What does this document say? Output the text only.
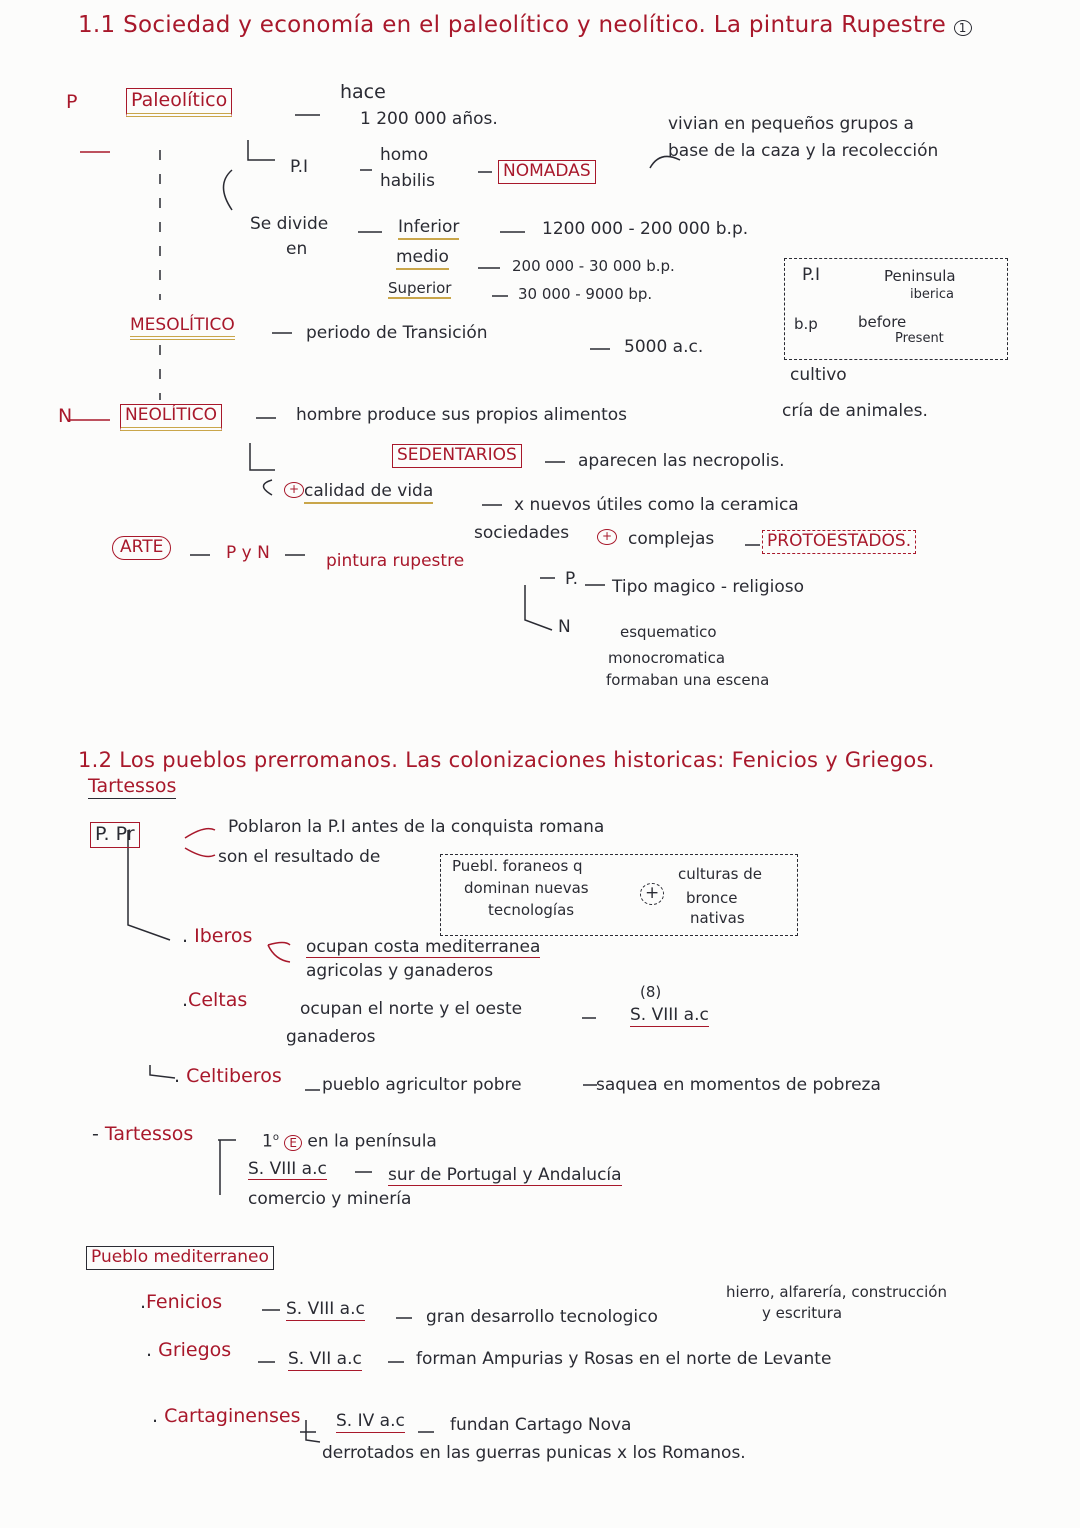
1.1 Sociedad y economía en el paleolítico y neolítico. La pintura Rupestre 1
P	Paleolítico	hace
1 200 000 años.	vivian en pequeños grupos a
base de la caza y la recolección
P.I
homo
habilis	NOMADAS
Se divide
en
Inferior	1200 000 - 200 000 b.p.
medio	200 000 - 30 000 b.p.
Superior	30 000 - 9000 bp.
P.I	Peninsula
iberica
b.p	before
Present
MESOLÍTICO	periodo de Transición
5000 a.c.
cultivo
N	NEOLÍTICO	hombre produce sus propios alimentos	cría de animales.
SEDENTARIOS	aparecen las necropolis.
+ calidad de vida
x nuevos útiles como la ceramica
sociedades	+ complejas	PROTOESTADOS.
ARTE	P y N	pintura rupestre
P. Tipo magico - religioso
N	esquematico
monocromatica
formaban una escena
1.2 Los pueblos prerromanos. Las colonizaciones historicas: Fenicios y Griegos.
Tartessos
P. Pr	Poblaron la P.I antes de la conquista romana
son el resultado de	Puebl. foraneos q
dominan nuevas
tecnologías
+
culturas de
bronce
nativas
. Iberos	ocupan costa mediterranea
agricolas y ganaderos
.Celtas	ocupan el norte y el oeste
(8)
S. VIII a.c
ganaderos
. Celtiberos pueblo agricultor pobre	saquea en momentos de pobreza
- Tartessos	1$^o$ E en la península
S. VIII a.c	sur de Portugal y Andalucía
comercio y minería
Pueblo mediterraneo
.Fenicios	S. VIII a.c	gran desarrollo tecnologico
hierro, alfarería, construcción
y escritura
. Griegos	S. VII a.c	forman Ampurias y Rosas en el norte de Levante
. Cartaginenses S. IV a.c	fundan Cartago Nova
derrotados en las guerras punicas x los Romanos.
